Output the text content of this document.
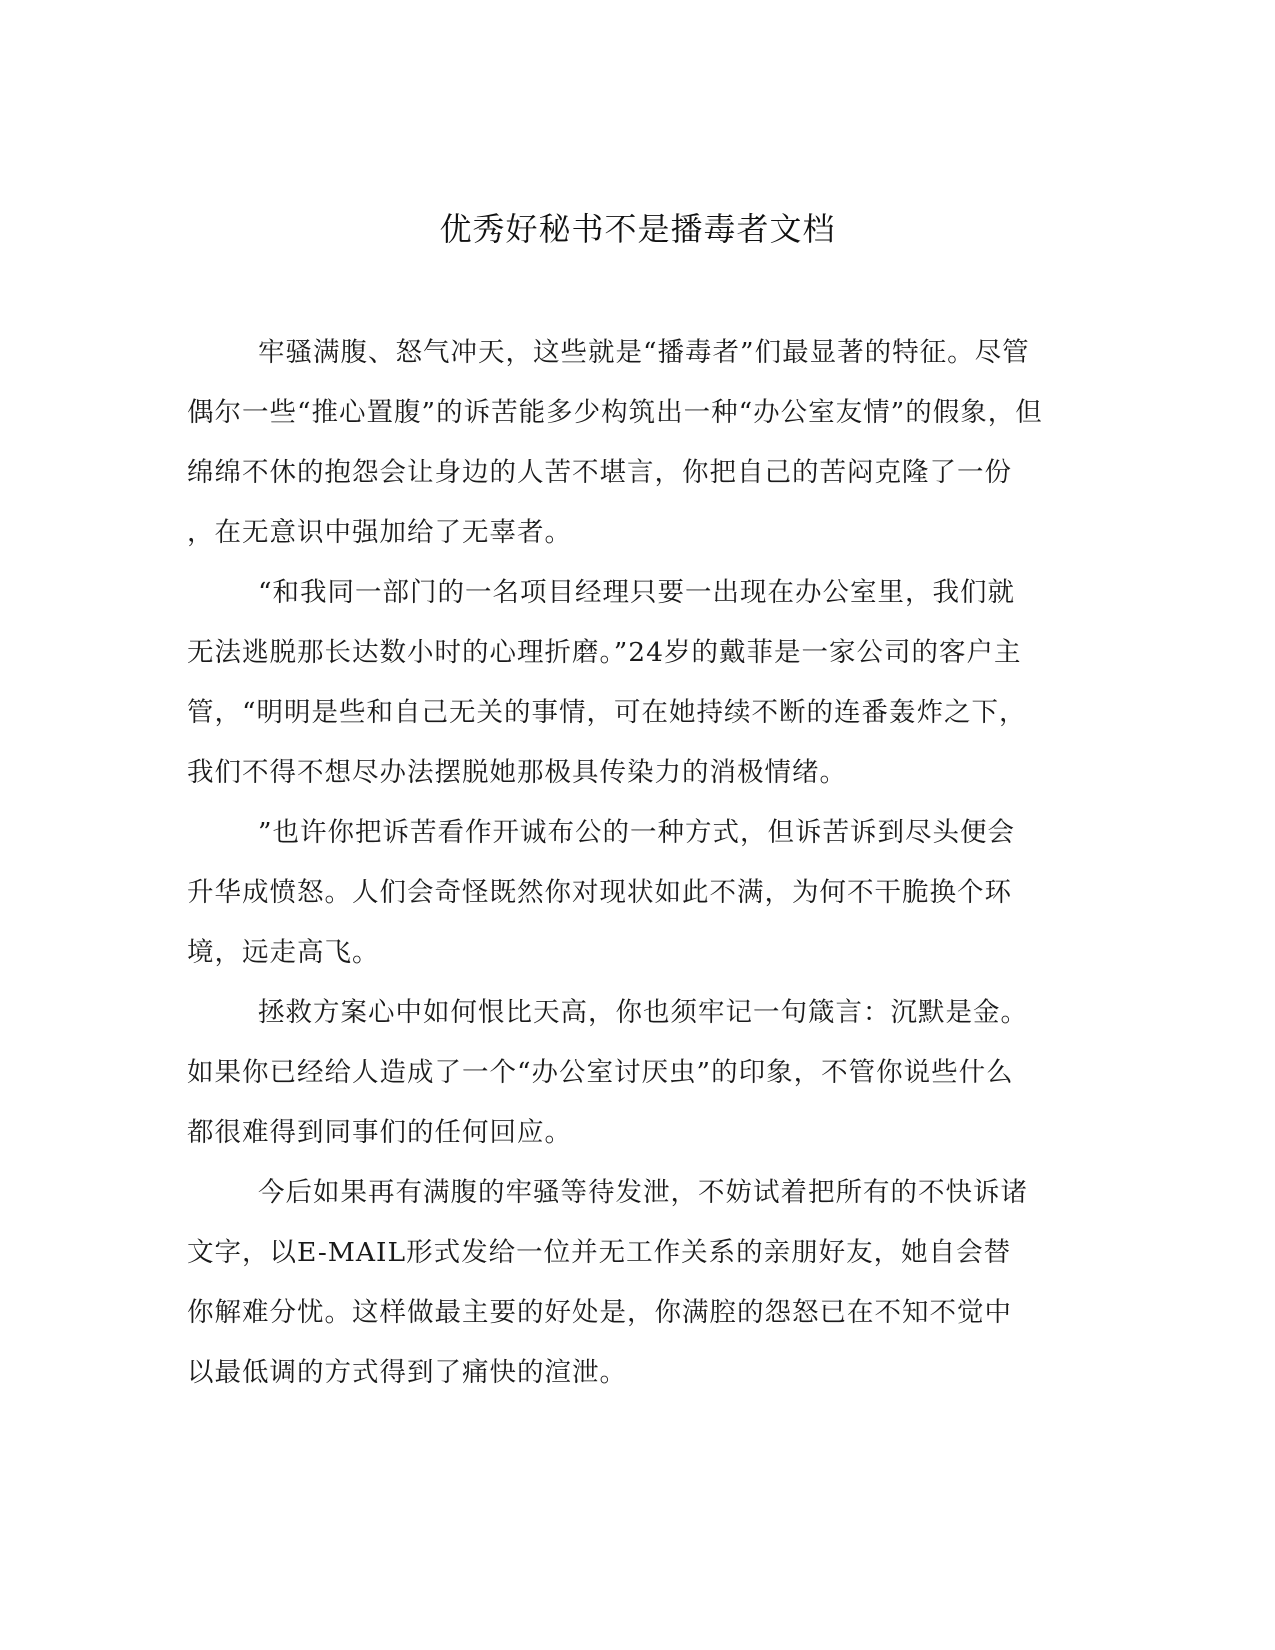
优秀好秘书不是播毒者文档
牢骚满腹、怒气冲天，这些就是“播毒者”们最显著的特征。尽管
偶尔一些“推心置腹”的诉苦能多少构筑出一种“办公室友情”的假象，但
绵绵不休的抱怨会让身边的人苦不堪言，你把自己的苦闷克隆了一份
，在无意识中强加给了无辜者。
“和我同一部门的一名项目经理只要一出现在办公室里，我们就
无法逃脱那长达数小时的心理折磨。”24岁的戴菲是一家公司的客户主
管，“明明是些和自己无关的事情，可在她持续不断的连番轰炸之下，
我们不得不想尽办法摆脱她那极具传染力的消极情绪。
”也许你把诉苦看作开诚布公的一种方式，但诉苦诉到尽头便会
升华成愤怒。人们会奇怪既然你对现状如此不满，为何不干脆换个环
境，远走高飞。
拯救方案心中如何恨比天高，你也须牢记一句箴言：沉默是金。
如果你已经给人造成了一个“办公室讨厌虫”的印象，不管你说些什么
都很难得到同事们的任何回应。
今后如果再有满腹的牢骚等待发泄，不妨试着把所有的不快诉诸
文字，以E-MAIL形式发给一位并无工作关系的亲朋好友，她自会替
你解难分忧。这样做最主要的好处是，你满腔的怨怒已在不知不觉中
以最低调的方式得到了痛快的渲泄。
